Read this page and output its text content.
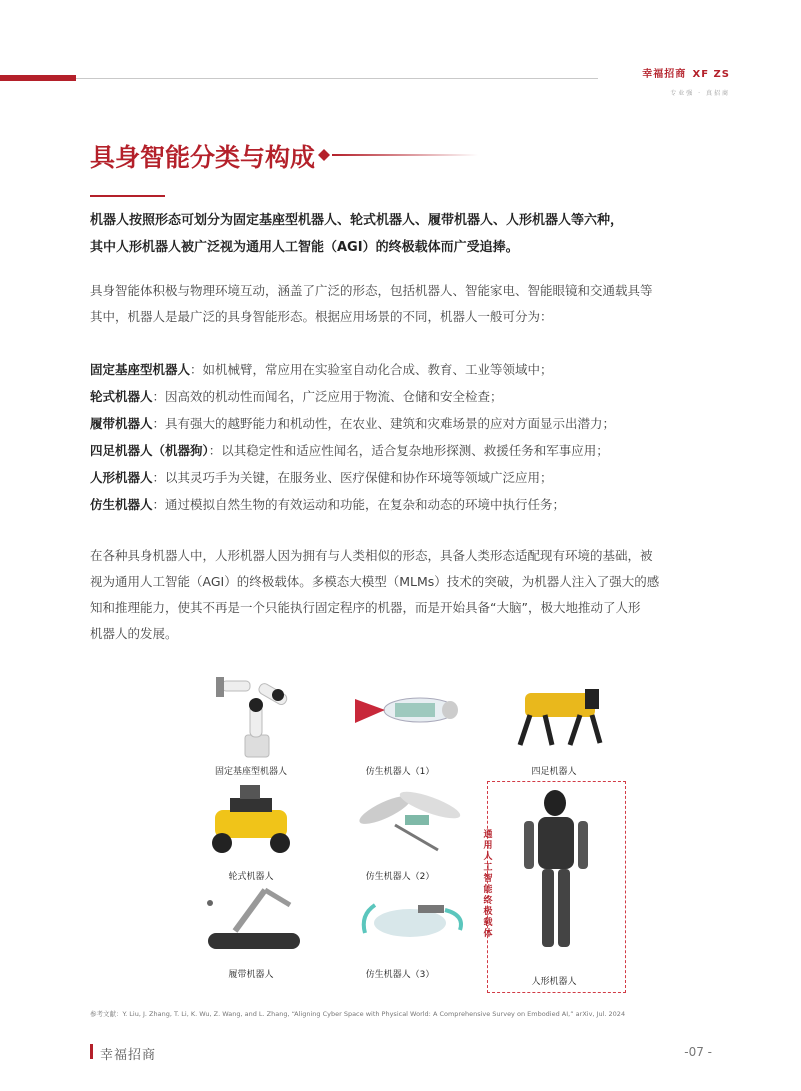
幸福招商 XF ZS
专业强 · 真招商
具身智能分类与构成
机器人按照形态可划分为固定基座型机器人、轮式机器人、履带机器人、人形机器人等六种，
其中人形机器人被广泛视为通用人工智能（AGI）的终极载体而广受追捧。
具身智能体积极与物理环境互动，涵盖了广泛的形态，包括机器人、智能家电、智能眼镜和交通载具等
其中，机器人是最广泛的具身智能形态。根据应用场景的不同，机器人一般可分为：
固定基座型机器人：如机械臂，常应用在实验室自动化合成、教育、工业等领域中；
轮式机器人：因高效的机动性而闻名，广泛应用于物流、仓储和安全检查；
履带机器人：具有强大的越野能力和机动性，在农业、建筑和灾难场景的应对方面显示出潜力；
四足机器人（机器狗）：以其稳定性和适应性闻名，适合复杂地形探测、救援任务和军事应用；
人形机器人：以其灵巧手为关键，在服务业、医疗保健和协作环境等领域广泛应用；
仿生机器人：通过模拟自然生物的有效运动和功能，在复杂和动态的环境中执行任务；
在各种具身机器人中，人形机器人因为拥有与人类相似的形态，具备人类形态适配现有环境的基础，被
视为通用人工智能（AGI）的终极载体。多模态大模型（MLMs）技术的突破，为机器人注入了强大的感
知和推理能力，使其不再是一个只能执行固定程序的机器，而是开始具备“大脑”，极大地推动了人形
机器人的发展。
固定基座型机器人	仿生机器人（1）	四足机器人
轮式机器人	仿生机器人（2）
履带机器人	仿生机器人（3）
人形机器人
通用人工智能终极载体
参考文献：Y. Liu, J. Zhang, T. Li, K. Wu, Z. Wang, and L. Zhang, “Aligning Cyber Space with Physical World: A Comprehensive Survey on Embodied AI,” arXiv, Jul. 2024
幸福招商	-07 -
